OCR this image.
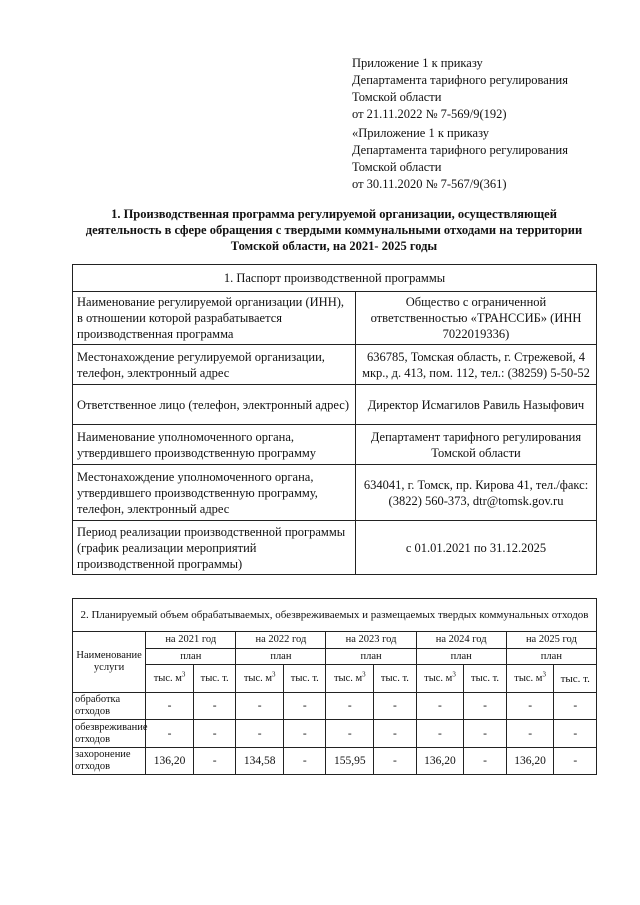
Приложение 1 к приказу
Департамента тарифного регулирования
Томской области
от 21.11.2022 № 7-569/9(192)
«Приложение 1 к приказу
Департамента тарифного регулирования
Томской области
от 30.11.2020 № 7-567/9(361)
1. Производственная программа регулируемой организации, осуществляющей деятельность в сфере обращения с твердыми коммунальными отходами на территории Томской области, на 2021- 2025 годы
1. Паспорт производственной программы	
Наименование регулируемой организации (ИНН), в отношении которой разрабатывается производственная программа	Общество с ограниченной ответственностью «ТРАНССИБ» (ИНН 7022019336)
Местонахождение регулируемой организации, телефон, электронный адрес	636785, Томская область, г. Стрежевой, 4 мкр., д. 413, пом. 112, тел.: (38259) 5-50-52
Ответственное лицо (телефон, электронный адрес)	Директор Исмагилов Равиль Назыфович
Наименование уполномоченного органа, утвердившего производственную программу	Департамент тарифного регулирования Томской области
Местонахождение уполномоченного органа, утвердившего производственную программу, телефон, электронный адрес	634041, г. Томск, пр. Кирова 41, тел./факс: (3822) 560-373, dtr@tomsk.gov.ru
Период реализации производственной программы (график реализации мероприятий производственной программы)	с 01.01.2021 по 31.12.2025
2. Планируемый объем обрабатываемых, обезвреживаемых и размещаемых твердых коммунальных отходов										
Наименование услуги	на 2021 год		на 2022 год		на 2023 год		на 2024 год		на 2025 год	
	план		план		план		план		план	
	тыс. $м^3$	тыс. т.	тыс. $м^3$	тыс. т.	тыс. $м^3$	тыс. т.	тыс. $м^3$	тыс. т.	тыс. $м^3$	тыс. т.
обработка отходов	-	-	-	-	-	-	-	-	-	-
обезвреживание отходов	-	-	-	-	-	-	-	-	-	-
захоронение отходов	136,20	-	134,58	-	155,95	-	136,20	-	136,20	-
